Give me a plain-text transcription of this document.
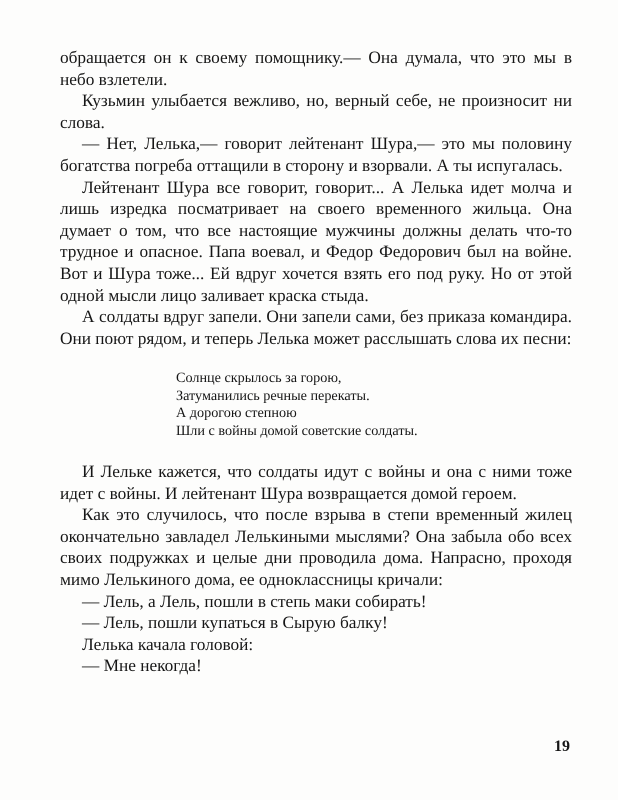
обращается он к своему помощнику.— Она думала, что это мы в небо взлетели.

Кузьмин улыбается вежливо, но, верный себе, не произносит ни слова.

— Нет, Лелька,— говорит лейтенант Шура,— это мы половину богатства погреба оттащили в сторону и взорвали. А ты испугалась.

Лейтенант Шура все говорит, говорит... А Лелька идет молча и лишь изредка посматривает на своего временного жильца. Она думает о том, что все настоящие мужчины должны делать что-то трудное и опасное. Папа воевал, и Федор Федорович был на войне. Вот и Шура тоже... Ей вдруг хочется взять его под руку. Но от этой одной мысли лицо заливает краска стыда.

А солдаты вдруг запели. Они запели сами, без приказа командира. Они поют рядом, и теперь Лелька может расслышать слова их песни:

Солнце скрылось за горою,
Затуманились речные перекаты.
А дорогою степною
Шли с войны домой советские солдаты.

И Лельке кажется, что солдаты идут с войны и она с ними тоже идет с войны. И лейтенант Шура возвращается домой героем.

Как это случилось, что после взрыва в степи временный жилец окончательно завладел Лелькиными мыслями? Она забыла обо всех своих подружках и целые дни проводила дома. Напрасно, проходя мимо Лелькиного дома, ее одноклассницы кричали:

— Лель, а Лель, пошли в степь маки собирать!

— Лель, пошли купаться в Сырую балку!

Лелька качала головой:

— Мне некогда!

19
